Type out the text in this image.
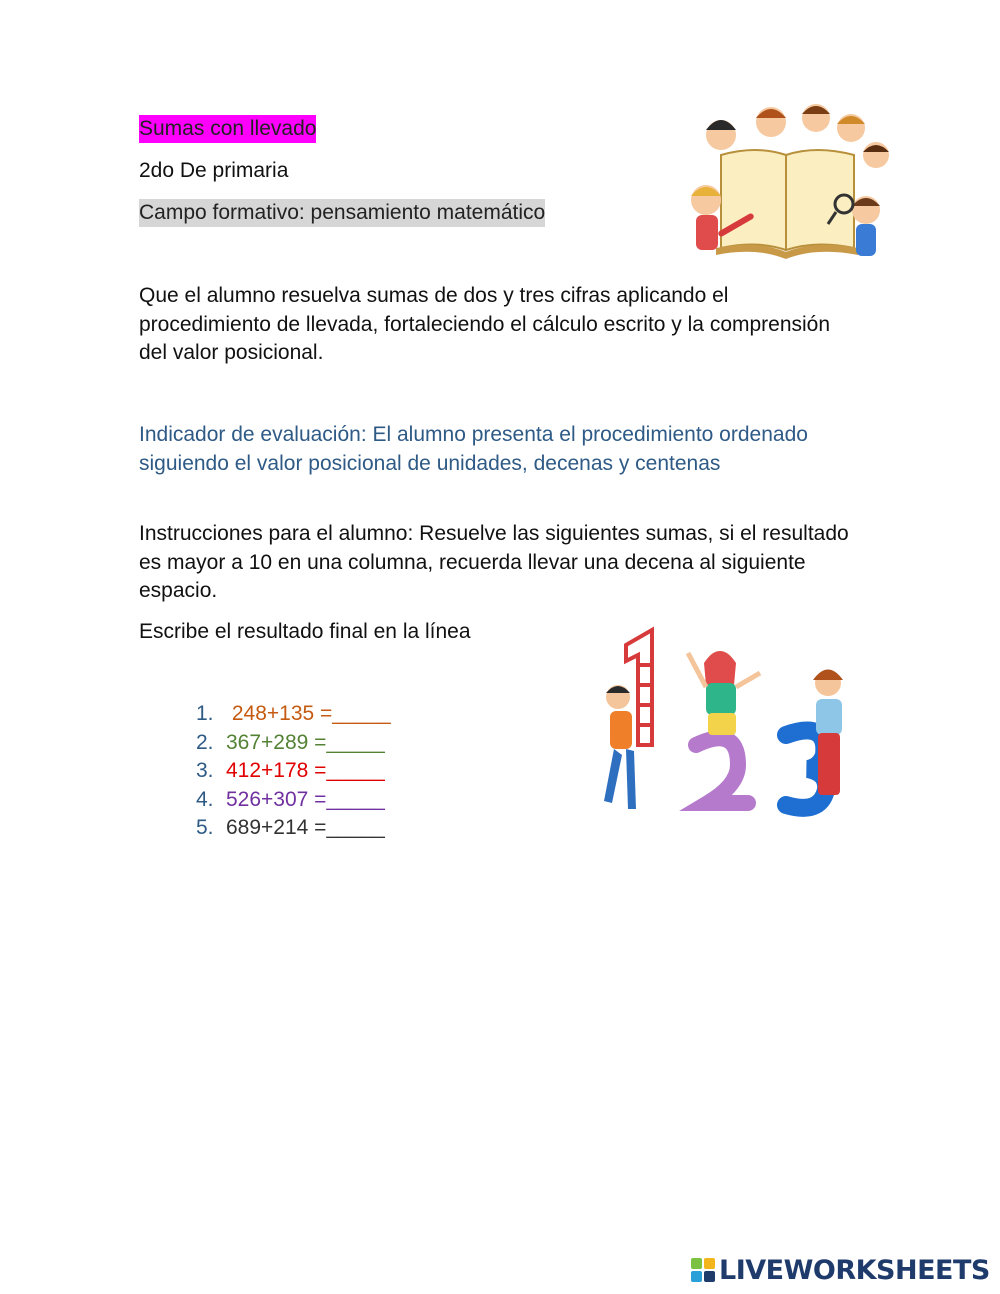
Sumas con llevado
2do De primaria
Campo formativo: pensamiento matemático
Que el alumno resuelva sumas de dos y tres cifras aplicando el procedimiento de llevada, fortaleciendo el cálculo escrito y la comprensión del valor posicional.
Indicador de evaluación: El alumno presenta el procedimiento ordenado siguiendo el valor posicional de unidades, decenas y centenas
Instrucciones para el alumno: Resuelve las siguientes sumas, si el resultado es mayor a 10 en una columna, recuerda llevar una decena al siguiente espacio.
Escribe el resultado final en la línea
1. 248+135 =_____
2. 367+289 =_____
3. 412+178 =_____
4. 526+307 =_____
5. 689+214 =_____
LIVEWORKSHEETS
